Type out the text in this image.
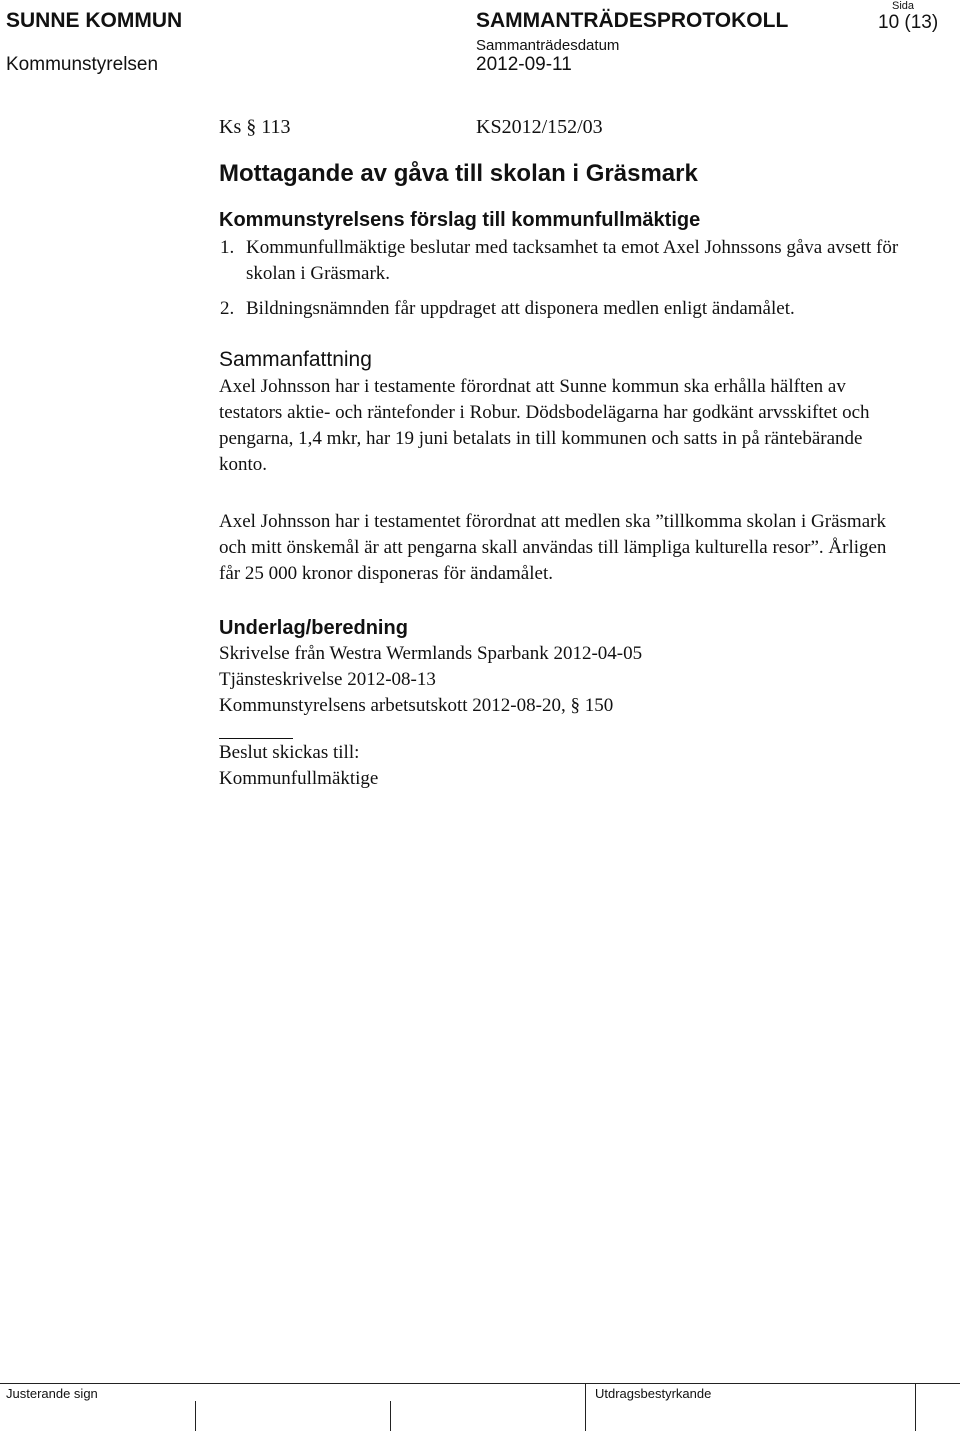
SUNNE KOMMUN	SAMMANTRÄDESPROTOKOLL
Sida
10 (13)
Kommunstyrelsen
Sammanträdesdatum
2012-09-11
Ks § 113	KS2012/152/03
Mottagande av gåva till skolan i Gräsmark
Kommunstyrelsens förslag till kommunfullmäktige
1. Kommunfullmäktige beslutar med tacksamhet ta emot Axel Johnssons gåva avsett för skolan i Gräsmark.
2. Bildningsnämnden får uppdraget att disponera medlen enligt ändamålet.
Sammanfattning
Axel Johnsson har i testamente förordnat att Sunne kommun ska erhålla hälften av testators aktie- och räntefonder i Robur. Dödsbodelägarna har godkänt arvsskiftet och pengarna, 1,4 mkr, har 19 juni betalats in till kommunen och satts in på räntebärande konto.
Axel Johnsson har i testamentet förordnat att medlen ska ”tillkomma skolan i Gräsmark och mitt önskemål är att pengarna skall användas till lämpliga kulturella resor”. Årligen får 25 000 kronor disponeras för ändamålet.
Underlag/beredning
Skrivelse från Westra Wermlands Sparbank 2012-04-05
Tjänsteskrivelse 2012-08-13
Kommunstyrelsens arbetsutskott 2012-08-20, § 150
Beslut skickas till:
Kommunfullmäktige
Justerande sign	Utdragsbestyrkande
